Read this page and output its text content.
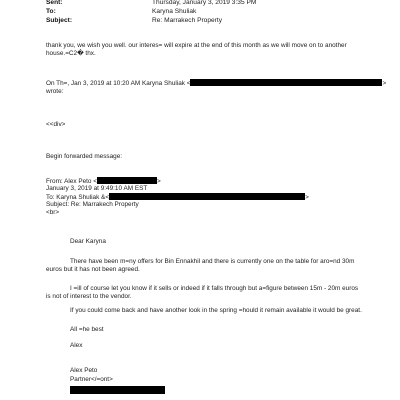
Sent:	Thursday, January 3, 2019 3:35 PM
To:	Karyna Shuliak
Subject:	Re: Marrakech Property
thank you, we wish you well. our interes= will expire at the end of this month as we will move on to another
house.=C2� thx.
On Th=, Jan 3, 2019 at 10:20 AM Karyna Shuliak <	>
wrote:
<<div>
Begin forwarded message:
From: Alex Peto <	>
January 3, 2019 at 9:49:10 AM EST
To: Karyna Shuliak &<	>
Subject: Re: Marrakech Property
<br>
Dear Karyna
There have been m=ny offers for Bin Ennakhil and there is currently one on the table for aro=nd 30m
euros but it has not been agreed.
I =ill of course let you know if it sells or indeed if it falls through but a=figure between 15m - 20m euros
is not of interest to the vendor.
If you could come back and have another look in the spring =hould it remain available it would be great.
All =he best
Alex
Alex Peto
Partner</=ont>
